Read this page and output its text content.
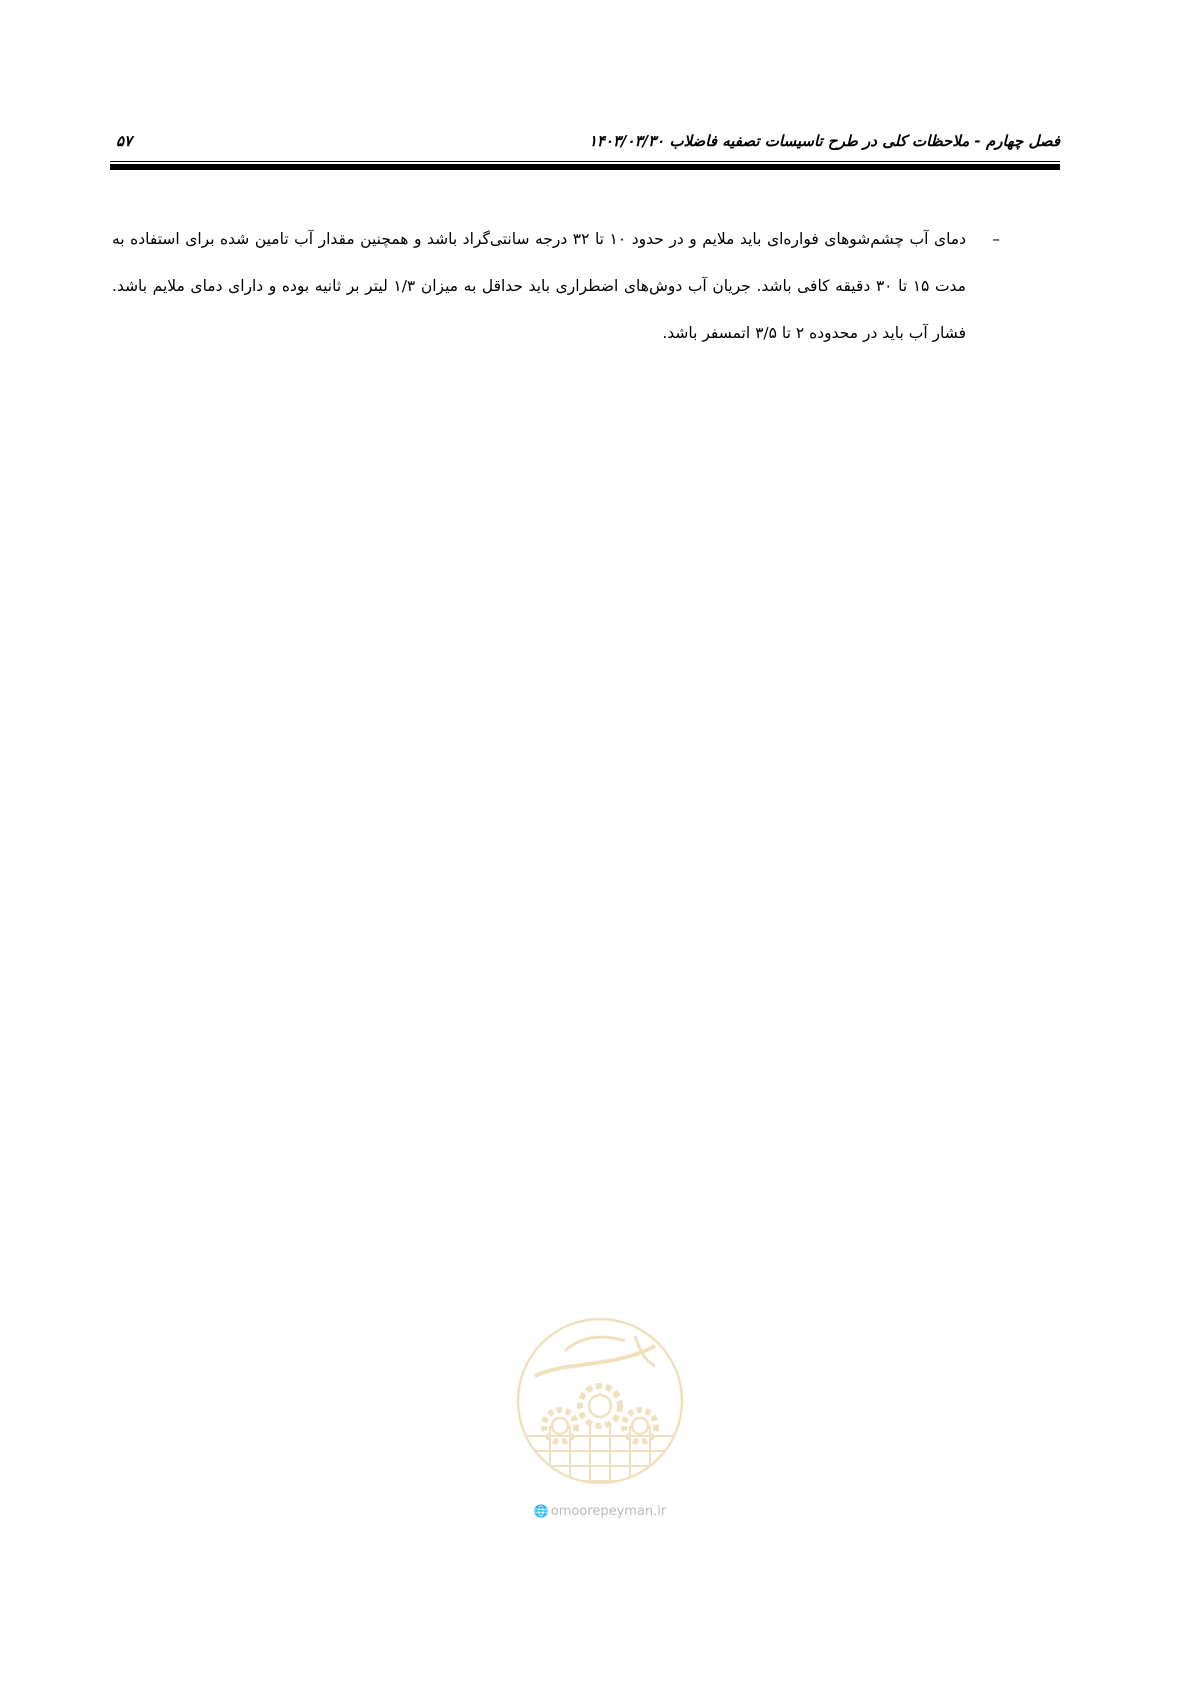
فصل چهارم - ملاحظات کلی در طرح تاسیسات تصفیه فاضلاب ۱۴۰۳/۰۳/۳۰
۵۷
–
دمای آب چشم‌شوهای فواره‌ای باید ملایم و در حدود ۱۰ تا ۳۲ درجه سانتی‌گراد باشد و همچنین مقدار آب تامین شده برای استفاده به مدت ۱۵ تا ۳۰ دقیقه کافی باشد. جریان آب دوش‌های اضطراری باید حداقل به میزان ۱/۳ لیتر بر ثانیه بوده و دارای دمای ملایم باشد. فشار آب باید در محدوده ۲ تا ۳/۵ اتمسفر باشد.
🌐 omoorepeyman.ir
